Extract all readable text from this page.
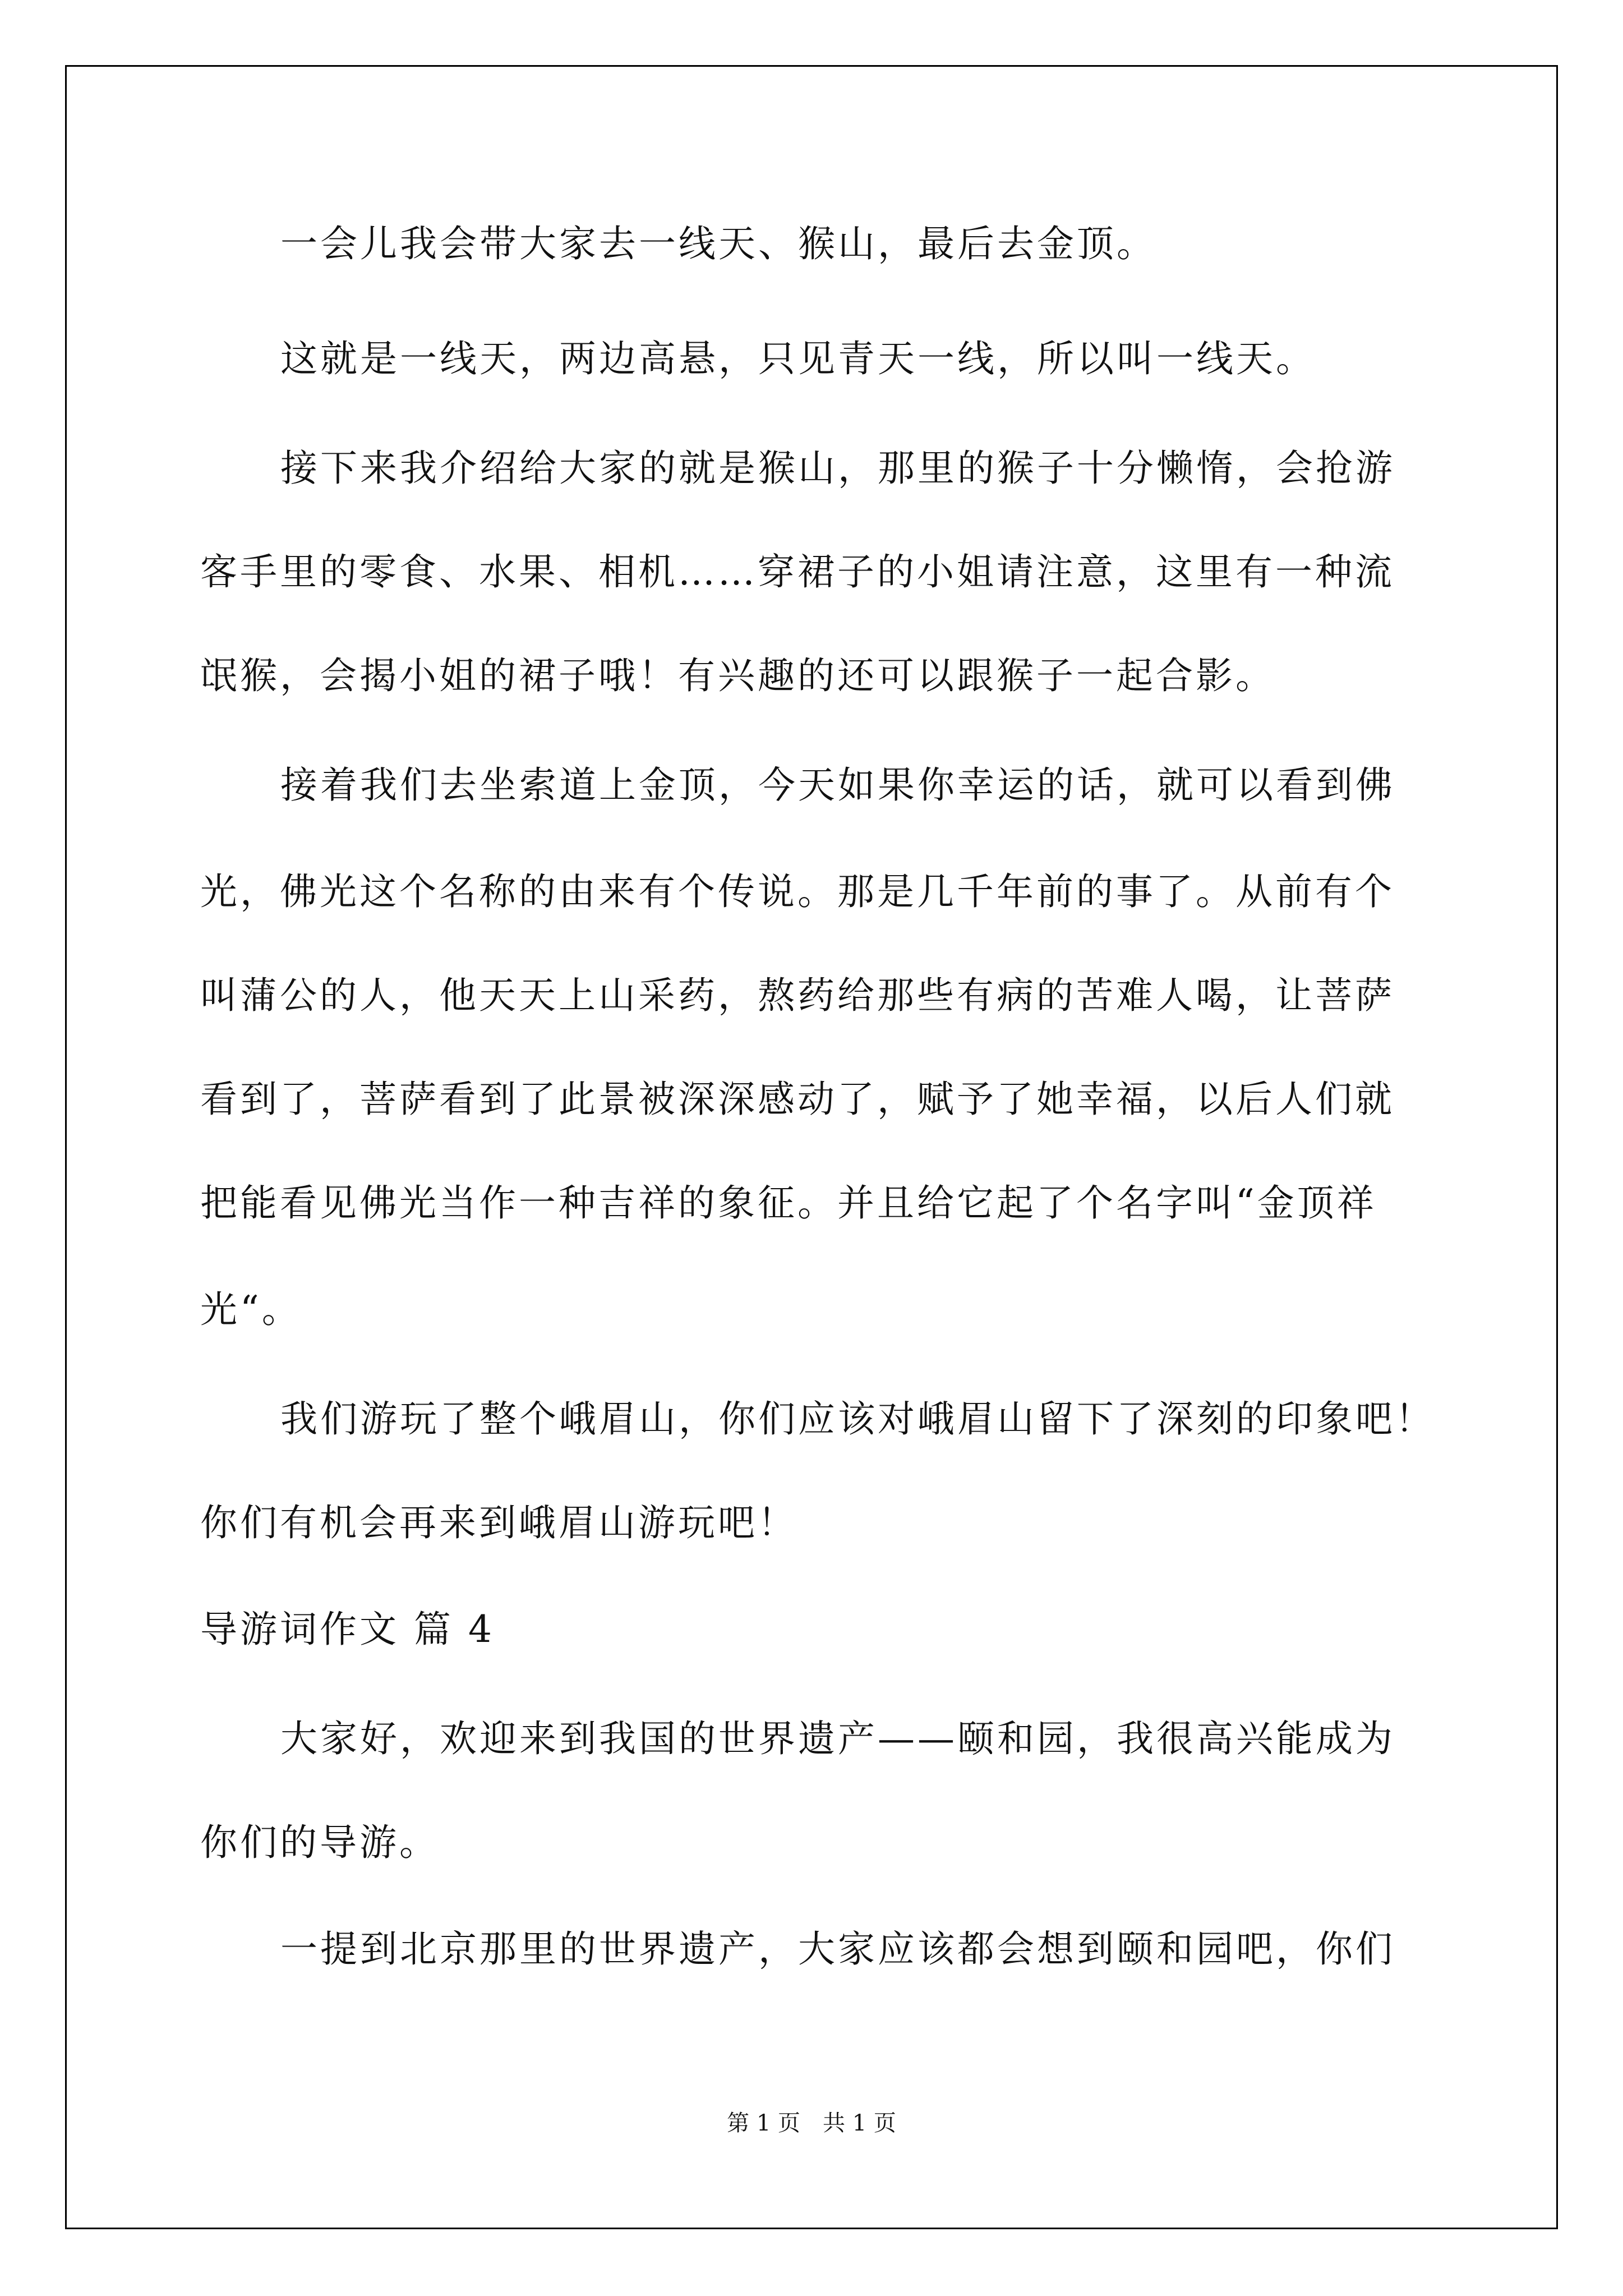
一会儿我会带大家去一线天、猴山，最后去金顶。

这就是一线天，两边高悬，只见青天一线，所以叫一线天。

接下来我介绍给大家的就是猴山，那里的猴子十分懒惰，会抢游

客手里的零食、水果、相机……穿裙子的小姐请注意，这里有一种流

氓猴，会揭小姐的裙子哦！有兴趣的还可以跟猴子一起合影。

接着我们去坐索道上金顶，今天如果你幸运的话，就可以看到佛

光，佛光这个名称的由来有个传说。那是几千年前的事了。从前有个

叫蒲公的人，他天天上山采药，熬药给那些有病的苦难人喝，让菩萨

看到了，菩萨看到了此景被深深感动了，赋予了她幸福，以后人们就

把能看见佛光当作一种吉祥的象征。并且给它起了个名字叫“金顶祥

光“。

我们游玩了整个峨眉山，你们应该对峨眉山留下了深刻的印象吧！

你们有机会再来到峨眉山游玩吧！

导游词作文 篇 4

大家好，欢迎来到我国的世界遗产——颐和园，我很高兴能成为

你们的导游。

一提到北京那里的世界遗产，大家应该都会想到颐和园吧，你们

第 1 页　共 1 页
